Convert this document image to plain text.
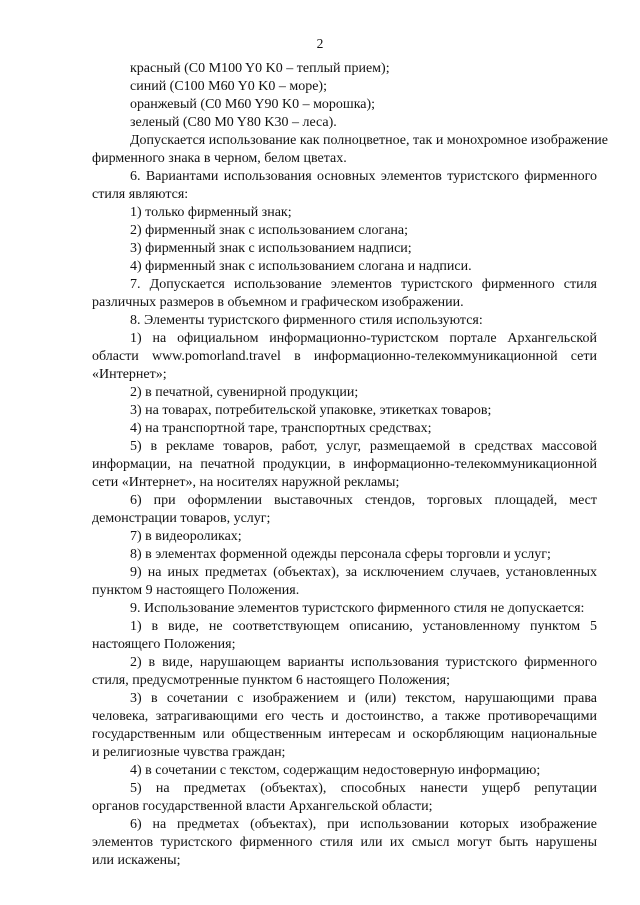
2
красный (C0 M100 Y0 K0 – теплый прием);
синий (C100 M60 Y0 K0 – море);
оранжевый (C0 M60 Y90 K0 – морошка);
зеленый (C80 M0 Y80 K30 – леса).
Допускается использование как полноцветное, так и монохромное изображение
фирменного знака в черном, белом цветах.
6. Вариантами использования основных элементов туристского фирменного
стиля являются:
1) только фирменный знак;
2) фирменный знак с использованием слогана;
3) фирменный знак с использованием надписи;
4) фирменный знак с использованием слогана и надписи.
7. Допускается использование элементов туристского фирменного стиля
различных размеров в объемном и графическом изображении.
8. Элементы туристского фирменного стиля используются:
1) на официальном информационно-туристском портале Архангельской
области www.pomorland.travel в информационно-телекоммуникационной сети
«Интернет»;
2) в печатной, сувенирной продукции;
3) на товарах, потребительской упаковке, этикетках товаров;
4) на транспортной таре, транспортных средствах;
5) в рекламе товаров, работ, услуг, размещаемой в средствах массовой
информации, на печатной продукции, в информационно-телекоммуникационной
сети «Интернет», на носителях наружной рекламы;
6) при оформлении выставочных стендов, торговых площадей, мест
демонстрации товаров, услуг;
7) в видеороликах;
8) в элементах форменной одежды персонала сферы торговли и услуг;
9) на иных предметах (объектах), за исключением случаев, установленных
пунктом 9 настоящего Положения.
9. Использование элементов туристского фирменного стиля не допускается:
1) в виде, не соответствующем описанию, установленному пунктом 5
настоящего Положения;
2) в виде, нарушающем варианты использования туристского фирменного
стиля, предусмотренные пунктом 6 настоящего Положения;
3) в сочетании с изображением и (или) текстом, нарушающими права
человека, затрагивающими его честь и достоинство, а также противоречащими
государственным или общественным интересам и оскорбляющим национальные
и религиозные чувства граждан;
4) в сочетании с текстом, содержащим недостоверную информацию;
5) на предметах (объектах), способных нанести ущерб репутации
органов государственной власти Архангельской области;
6) на предметах (объектах), при использовании которых изображение
элементов туристского фирменного стиля или их смысл могут быть нарушены
или искажены;
